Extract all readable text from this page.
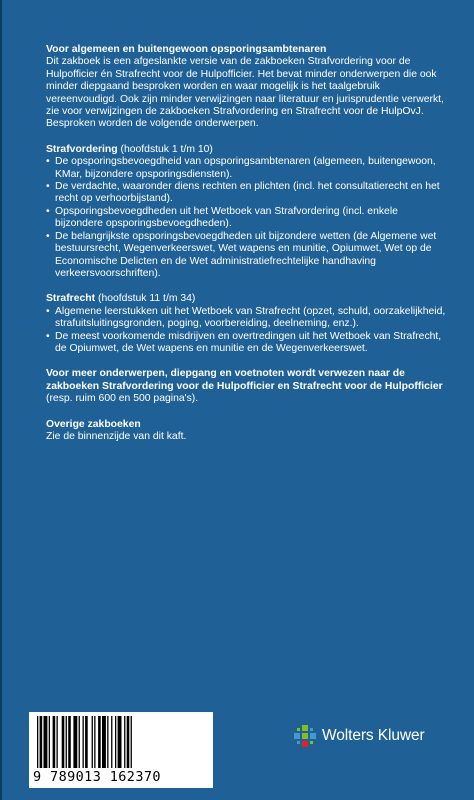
Voor algemeen en buitengewoon opsporingsambtenaren

Dit zakboek is een afgeslankte versie van de zakboeken Strafvordering voor de Hulpofficier én Strafrecht voor de Hulpofficier. Het bevat minder onderwerpen die ook minder diepgaand besproken worden en waar mogelijk is het taalgebruik vereenvoudigd. Ook zijn minder verwijzingen naar literatuur en jurisprudentie verwerkt, zie voor verwijzingen de zakboeken Strafvordering en Strafrecht voor de HulpOvJ. Besproken worden de volgende onderwerpen.

Strafvordering (hoofdstuk 1 t/m 10)

• De opsporingsbevoegdheid van opsporingsambtenaren (algemeen, buitengewoon, KMar, bijzondere opsporingsdiensten).
• De verdachte, waaronder diens rechten en plichten (incl. het consultatierecht en het recht op verhoorbijstand).
• Opsporingsbevoegdheden uit het Wetboek van Strafvordering (incl. enkele bijzondere opsporingsbevoegdheden).
• De belangrijkste opsporingsbevoegdheden uit bijzondere wetten (de Algemene wet bestuursrecht, Wegenverkeerswet, Wet wapens en munitie, Opiumwet, Wet op de Economische Delicten en de Wet administratiefrechtelijke handhaving verkeersvoorschriften).

Strafrecht (hoofdstuk 11 t/m 34)

• Algemene leerstukken uit het Wetboek van Strafrecht (opzet, schuld, oorzakelijkheid, strafuitsluitingsgronden, poging, voorbereiding, deelneming, enz.).
• De meest voorkomende misdrijven en overtredingen uit het Wetboek van Strafrecht, de Opiumwet, de Wet wapens en munitie en de Wegenverkeerswet.

Voor meer onderwerpen, diepgang en voetnoten wordt verwezen naar de zakboeken Strafvordering voor de Hulpofficier en Strafrecht voor de Hulpofficier (resp. ruim 600 en 500 pagina's).

Overige zakboeken

Zie de binnenzijde van dit kaft.

9 789013 162370
Wolters Kluwer
